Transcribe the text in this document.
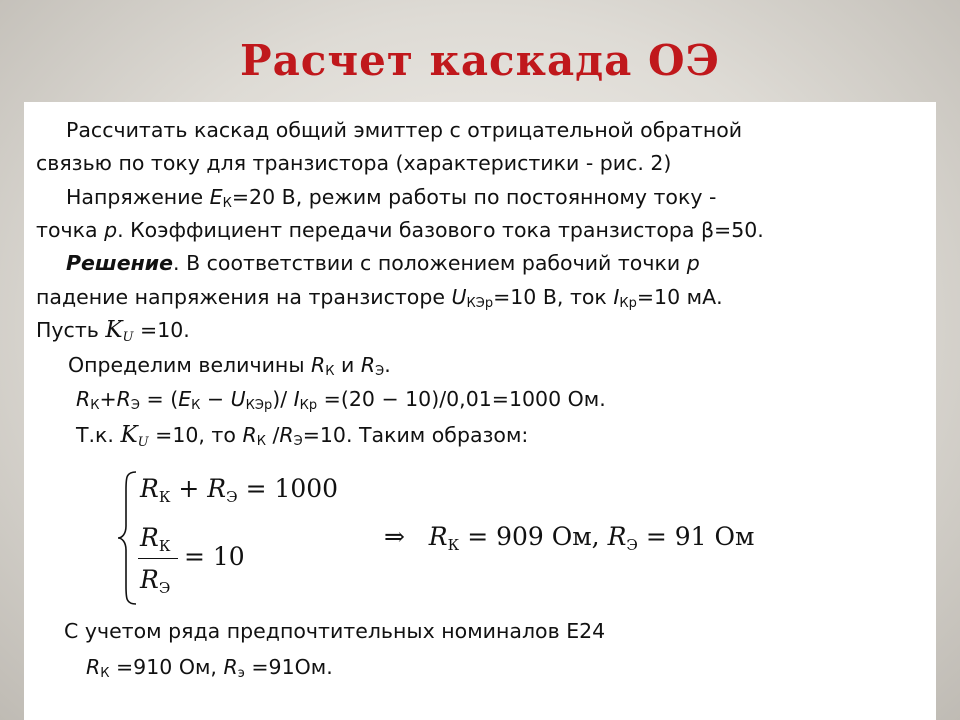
Расчет каскада ОЭ
Рассчитать каскад общий эмиттер с отрицательной обратной
связью по току для транзистора (характеристики - рис. 2)
Напряжение $E_К=20$ В, режим работы по постоянному току -
точка p. Коэффициент передачи базового тока транзистора β=50.
Решение. В соответствии с положением рабочий точки p
падение напряжения на транзисторе $U_{КЭр}=10$ В, ток $I_{Кр}=10$ мА.
Пусть KU =10.
Определим величины $R_К$ и $R_Э$.
$R_К+R_Э = (E_К - U_{КЭр})/$ $I_{Кр} =(20 - 10)/0,01=1000$ Ом.
Т.к. KU =10, то $R_К$ $/R_Э=10$. Таким образом:
$R_К + R_Э = 1000$
$R_К$
$R_Э$
= 10
⇒ $R_К = 909$ Ом, $R_Э = 91$ Ом
С учетом ряда предпочтительных номиналов Е24
$R_К =910$ Ом, $R_э =91Ом$.
